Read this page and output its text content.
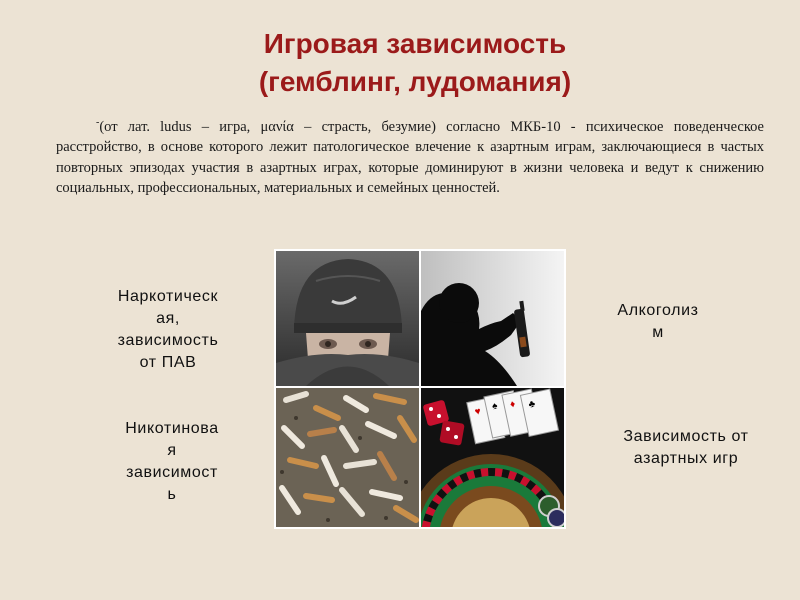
Игровая зависимость
(гемблинг, лудомания)
-(от лат. ludus – игра, μανία – страсть, безумие) согласно МКБ-10 - психическое поведенческое расстройство, в основе которого лежит патологическое влечение к азартным играм, заключающиеся в частых повторных эпизодах участия в азартных играх, которые доминируют в жизни человека и ведут к снижению социальных, профессиональных, материальных и семейных ценностей.
♥ ♠ ♦ ♣
Наркотическ
ая,
зависимость
от ПАВ
Алкоголиз
м
Никотинова
я
зависимост
ь
Зависимость от
азартных игр
